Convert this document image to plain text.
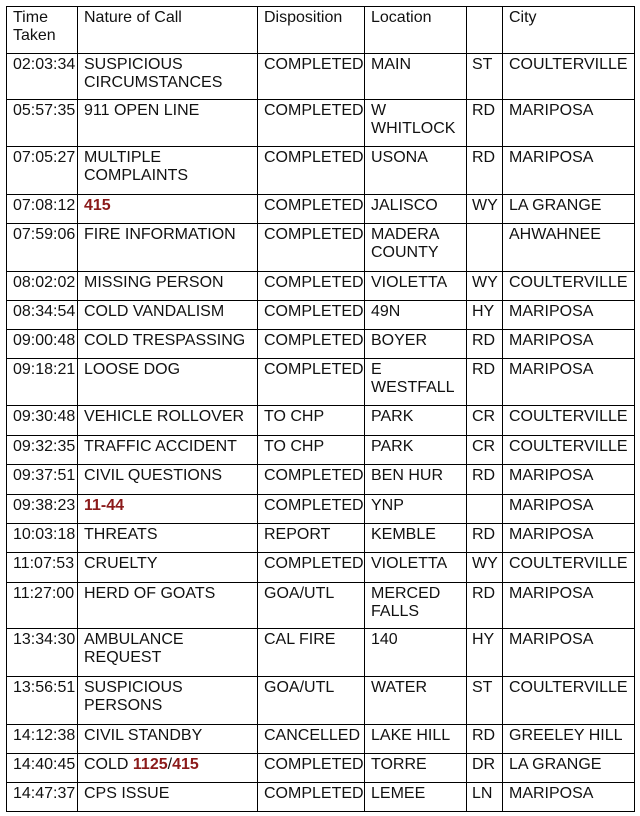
Time Taken	Nature of Call	Disposition	Location		City
02:03:34	SUSPICIOUS CIRCUMSTANCES	COMPLETED	MAIN	ST	COULTERVILLE
05:57:35	911 OPEN LINE	COMPLETED	W WHITLOCK	RD	MARIPOSA
07:05:27	MULTIPLE COMPLAINTS	COMPLETED	USONA	RD	MARIPOSA
07:08:12	415	COMPLETED	JALISCO	WY	LA GRANGE
07:59:06	FIRE INFORMATION	COMPLETED	MADERA COUNTY		AHWAHNEE
08:02:02	MISSING PERSON	COMPLETED	VIOLETTA	WY	COULTERVILLE
08:34:54	COLD VANDALISM	COMPLETED	49N	HY	MARIPOSA
09:00:48	COLD TRESPASSING	COMPLETED	BOYER	RD	MARIPOSA
09:18:21	LOOSE DOG	COMPLETED	E WESTFALL	RD	MARIPOSA
09:30:48	VEHICLE ROLLOVER	TO CHP	PARK	CR	COULTERVILLE
09:32:35	TRAFFIC ACCIDENT	TO CHP	PARK	CR	COULTERVILLE
09:37:51	CIVIL QUESTIONS	COMPLETED	BEN HUR	RD	MARIPOSA
09:38:23	11-44	COMPLETED	YNP		MARIPOSA
10:03:18	THREATS	REPORT	KEMBLE	RD	MARIPOSA
11:07:53	CRUELTY	COMPLETED	VIOLETTA	WY	COULTERVILLE
11:27:00	HERD OF GOATS	GOA/UTL	MERCED FALLS	RD	MARIPOSA
13:34:30	AMBULANCE REQUEST	CAL FIRE	140	HY	MARIPOSA
13:56:51	SUSPICIOUS PERSONS	GOA/UTL	WATER	ST	COULTERVILLE
14:12:38	CIVIL STANDBY	CANCELLED	LAKE HILL	RD	GREELEY HILL
14:40:45	COLD 1125/415	COMPLETED	TORRE	DR	LA GRANGE
14:47:37	CPS ISSUE	COMPLETED	LEMEE	LN	MARIPOSA
